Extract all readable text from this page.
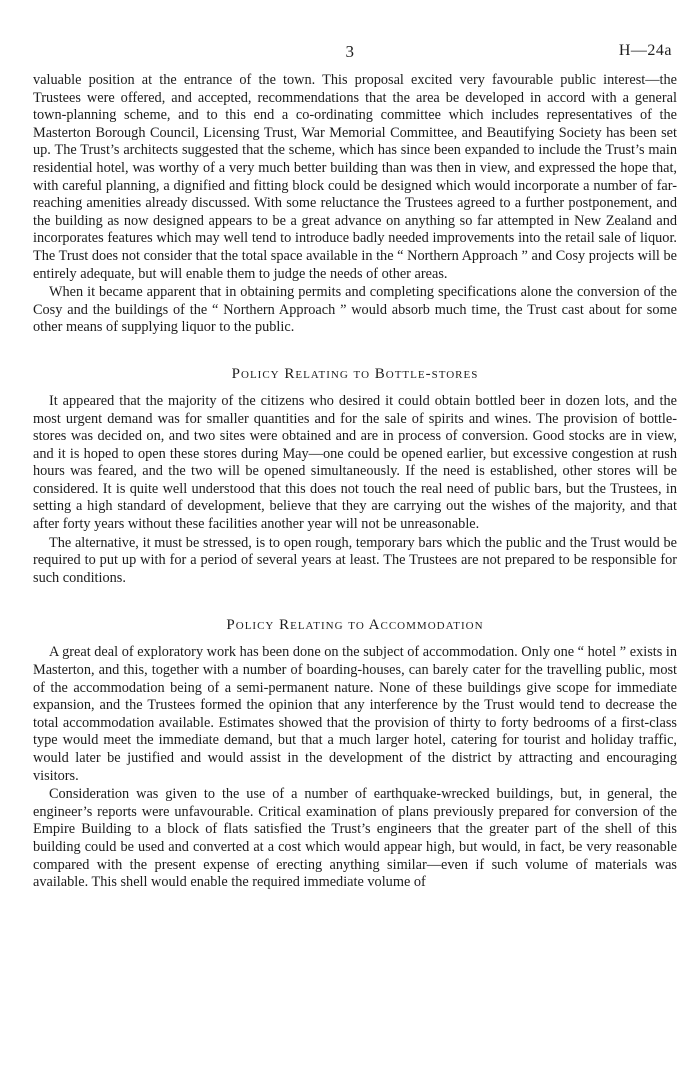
3	H—24a

valuable position at the entrance of the town. This proposal excited very favourable public interest—the Trustees were offered, and accepted, recommendations that the area be developed in accord with a general town-planning scheme, and to this end a co-ordinating committee which includes representatives of the Masterton Borough Council, Licensing Trust, War Memorial Committee, and Beautifying Society has been set up. The Trust’s architects suggested that the scheme, which has since been expanded to include the Trust’s main residential hotel, was worthy of a very much better building than was then in view, and expressed the hope that, with careful planning, a dignified and fitting block could be designed which would incorporate a number of far-reaching amenities already discussed. With some reluctance the Trustees agreed to a further postponement, and the building as now designed appears to be a great advance on anything so far attempted in New Zealand and incorporates features which may well tend to introduce badly needed improvements into the retail sale of liquor. The Trust does not consider that the total space available in the “ Northern Approach ” and Cosy projects will be entirely adequate, but will enable them to judge the needs of other areas.

When it became apparent that in obtaining permits and completing specifications alone the conversion of the Cosy and the buildings of the “ Northern Approach ” would absorb much time, the Trust cast about for some other means of supplying liquor to the public.

Policy Relating to Bottle-stores

It appeared that the majority of the citizens who desired it could obtain bottled beer in dozen lots, and the most urgent demand was for smaller quantities and for the sale of spirits and wines. The provision of bottle-stores was decided on, and two sites were obtained and are in process of conversion. Good stocks are in view, and it is hoped to open these stores during May—one could be opened earlier, but excessive congestion at rush hours was feared, and the two will be opened simultaneously. If the need is established, other stores will be considered. It is quite well understood that this does not touch the real need of public bars, but the Trustees, in setting a high standard of development, believe that they are carrying out the wishes of the majority, and that after forty years without these facilities another year will not be unreasonable.

The alternative, it must be stressed, is to open rough, temporary bars which the public and the Trust would be required to put up with for a period of several years at least. The Trustees are not prepared to be responsible for such conditions.

Policy Relating to Accommodation

A great deal of exploratory work has been done on the subject of accommodation. Only one “ hotel ” exists in Masterton, and this, together with a number of boarding-houses, can barely cater for the travelling public, most of the accommodation being of a semi-permanent nature. None of these buildings give scope for immediate expansion, and the Trustees formed the opinion that any interference by the Trust would tend to decrease the total accommodation available. Estimates showed that the provision of thirty to forty bedrooms of a first-class type would meet the immediate demand, but that a much larger hotel, catering for tourist and holiday traffic, would later be justified and would assist in the development of the district by attracting and encouraging visitors.

Consideration was given to the use of a number of earthquake-wrecked buildings, but, in general, the engineer’s reports were unfavourable. Critical examination of plans previously prepared for conversion of the Empire Building to a block of flats satisfied the Trust’s engineers that the greater part of the shell of this building could be used and converted at a cost which would appear high, but would, in fact, be very reasonable compared with the present expense of erecting anything similar—even if such volume of materials was available. This shell would enable the required immediate volume of
